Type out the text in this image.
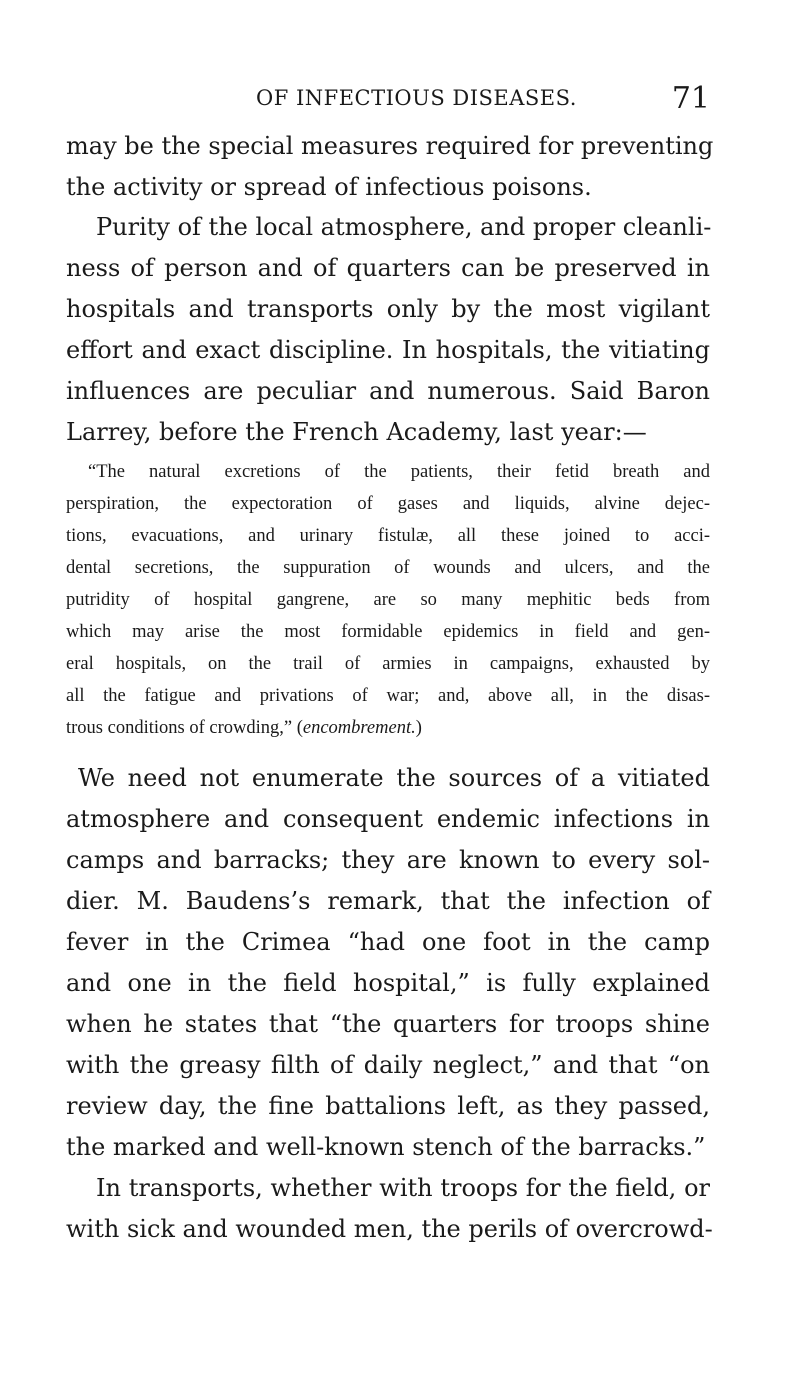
OF INFECTIOUS DISEASES.	71
may be the special measures required for preventing
the activity or spread of infectious poisons.
Purity of the local atmosphere, and proper cleanli-
ness of person and of quarters can be preserved in
hospitals and transports only by the most vigilant
effort and exact discipline. In hospitals, the vitiating
influences are peculiar and numerous. Said Baron
Larrey, before the French Academy, last year:—
“The natural excretions of the patients, their fetid breath and
perspiration, the expectoration of gases and liquids, alvine dejec-
tions, evacuations, and urinary fistulæ, all these joined to acci-
dental secretions, the suppuration of wounds and ulcers, and the
putridity of hospital gangrene, are so many mephitic beds from
which may arise the most formidable epidemics in field and gen-
eral hospitals, on the trail of armies in campaigns, exhausted by
all the fatigue and privations of war; and, above all, in the disas-
trous conditions of crowding,” (encombrement.)
We need not enumerate the sources of a vitiated
atmosphere and consequent endemic infections in
camps and barracks; they are known to every sol-
dier. M. Baudens’s remark, that the infection of
fever in the Crimea “had one foot in the camp
and one in the field hospital,” is fully explained
when he states that “the quarters for troops shine
with the greasy filth of daily neglect,” and that “on
review day, the fine battalions left, as they passed,
the marked and well-known stench of the barracks.”
In transports, whether with troops for the field, or
with sick and wounded men, the perils of overcrowd-
